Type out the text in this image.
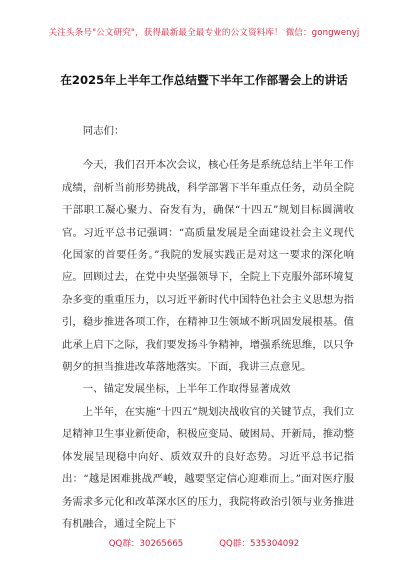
关注头条号"公文研究"，获得最新最全最专业的公文资料库！ 微信：gongwenyj
在2025年上半年工作总结暨下半年工作部署会上的讲话

同志们：

今天，我们召开本次会议，核心任务是系统总结上半年工作成绩，剖析当前形势挑战，科学部署下半年重点任务，动员全院干部职工凝心聚力、奋发有为，确保“十四五”规划目标圆满收官。习近平总书记强调：“高质量发展是全面建设社会主义现代化国家的首要任务。”我院的发展实践正是对这一要求的深化响应。回顾过去，在党中央坚强领导下，全院上下克服外部环境复杂多变的重重压力，以习近平新时代中国特色社会主义思想为指引，稳步推进各项工作，在精神卫生领域不断巩固发展根基。值此承上启下之际，我们要发扬斗争精神，增强系统思维，以只争朝夕的担当推进改革落地落实。下面，我讲三点意见。

一、锚定发展坐标，上半年工作取得显著成效

上半年，在实施“十四五”规划决战收官的关键节点，我们立足精神卫生事业新使命，积极应变局、破困局、开新局，推动整体发展呈现稳中向好、质效双升的良好态势。习近平总书记指出：“越是困难挑战严峻，越要坚定信心迎难而上。”面对医疗服务需求多元化和改革深水区的压力，我院将政治引领与业务推进有机融合，通过全院上下

QQ群：30265665	QQ群：535304092
